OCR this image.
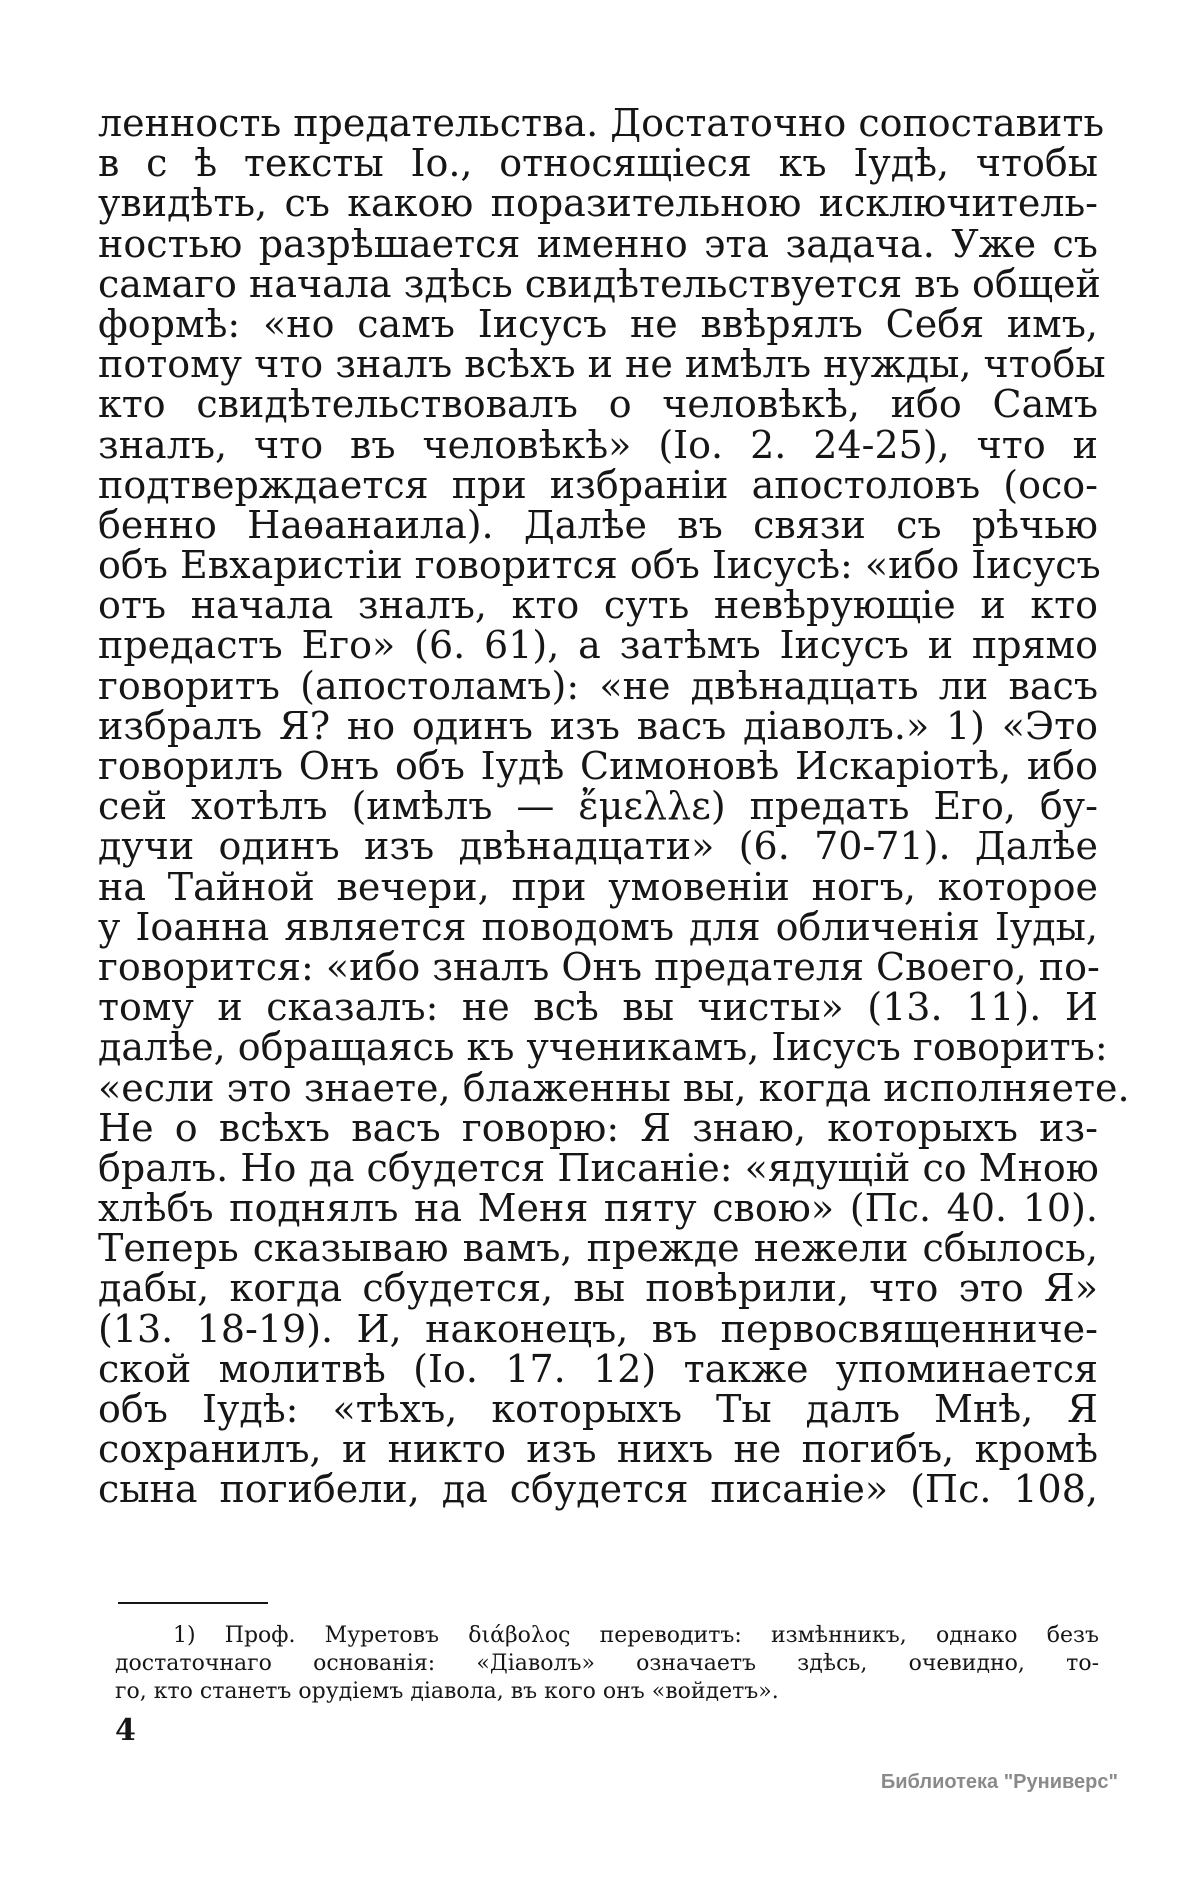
ленность предательства. Достаточно сопоставить
в с ѣ тексты Іо., относящіеся къ Іудѣ, чтобы
увидѣть, съ какою поразительною исключитель-
ностью разрѣшается именно эта задача. Уже съ
самаго начала здѣсь свидѣтельствуется въ общей
формѣ: «но самъ Іисусъ не ввѣрялъ Себя имъ,
потому что зналъ всѣхъ и не имѣлъ нужды, чтобы
кто свидѣтельствовалъ о человѣкѣ, ибо Самъ
зналъ, что въ человѣкѣ» (Іо. 2. 24-25), что и
подтверждается при избраніи апостоловъ (осо-
бенно Наѳанаила). Далѣе въ связи съ рѣчью
объ Евхаристіи говорится объ Іисусѣ: «ибо Іисусъ
отъ начала зналъ, кто суть невѣрующіе и кто
предастъ Его» (6. 61), а затѣмъ Іисусъ и прямо
говоритъ (апостоламъ): «не двѣнадцать ли васъ
избралъ Я? но одинъ изъ васъ діаволъ.» 1) «Это
говорилъ Онъ объ Іудѣ Симоновѣ Искаріотѣ, ибо
сей хотѣлъ (имѣлъ — ἔμελλε) предать Его, бу-
дучи одинъ изъ двѣнадцати» (6. 70-71). Далѣе
на Тайной вечери, при умовеніи ногъ, которое
у Іоанна является поводомъ для обличенія Іуды,
говорится: «ибо зналъ Онъ предателя Своего, по-
тому и сказалъ: не всѣ вы чисты» (13. 11). И
далѣе, обращаясь къ ученикамъ, Іисусъ говоритъ:
«если это знаете, блаженны вы, когда исполняете.
Не о всѣхъ васъ говорю: Я знаю, которыхъ из-
бралъ. Но да сбудется Писаніе: «ядущій со Мною
хлѣбъ поднялъ на Меня пяту свою» (Пс. 40. 10).
Теперь сказываю вамъ, прежде нежели сбылось,
дабы, когда сбудется, вы повѣрили, что это Я»
(13. 18-19). И, наконецъ, въ первосвященниче-
ской молитвѣ (Іо. 17. 12) также упоминается
объ Іудѣ: «тѣхъ, которыхъ Ты далъ Мнѣ, Я
сохранилъ, и никто изъ нихъ не погибъ, кромѣ
сына погибели, да сбудется писаніе» (Пс. 108,
1) Проф. Муретовъ διάβολος переводитъ: измѣнникъ, однако безъ
достаточнаго основанія: «Діаволъ» означаетъ здѣсь, очевидно, то-
го, кто станетъ орудіемъ діавола, въ кого онъ «войдетъ».
4
Библиотека "Руниверс"
